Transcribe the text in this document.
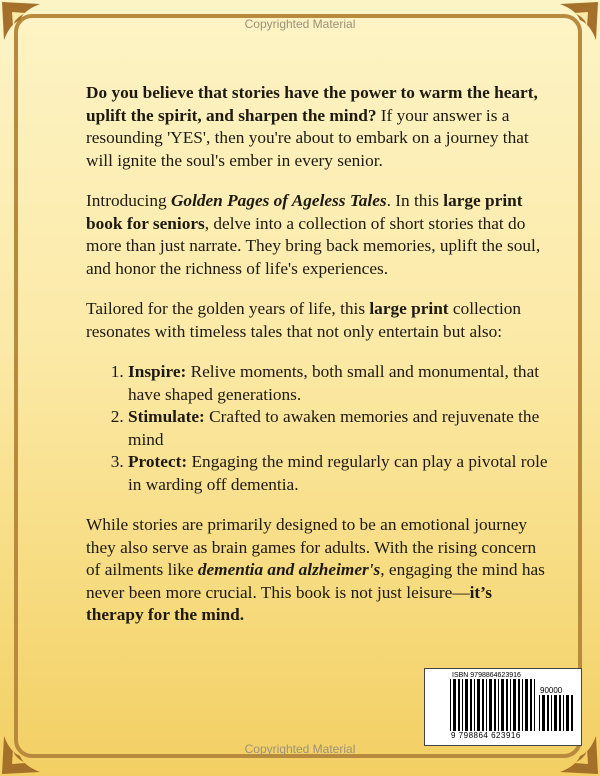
Copyrighted Material

Do you believe that stories have the power to warm the heart, uplift the spirit, and sharpen the mind? If your answer is a resounding 'YES', then you're about to embark on a journey that will ignite the soul's ember in every senior.

Introducing Golden Pages of Ageless Tales. In this large print book for seniors, delve into a collection of short stories that do more than just narrate. They bring back memories, uplift the soul, and honor the richness of life's experiences.

Tailored for the golden years of life, this large print collection resonates with timeless tales that not only entertain but also:

1. Inspire: Relive moments, both small and monumental, that have shaped generations.
2. Stimulate: Crafted to awaken memories and rejuvenate the mind
3. Protect: Engaging the mind regularly can play a pivotal role in warding off dementia.

While stories are primarily designed to be an emotional journey they also serve as brain games for adults. With the rising concern of ailments like dementia and alzheimer's, engaging the mind has never been more crucial. This book is not just leisure—it’s therapy for the mind.

ISBN 9798864623916
90000
9 798864 623916
Copyrighted Material
